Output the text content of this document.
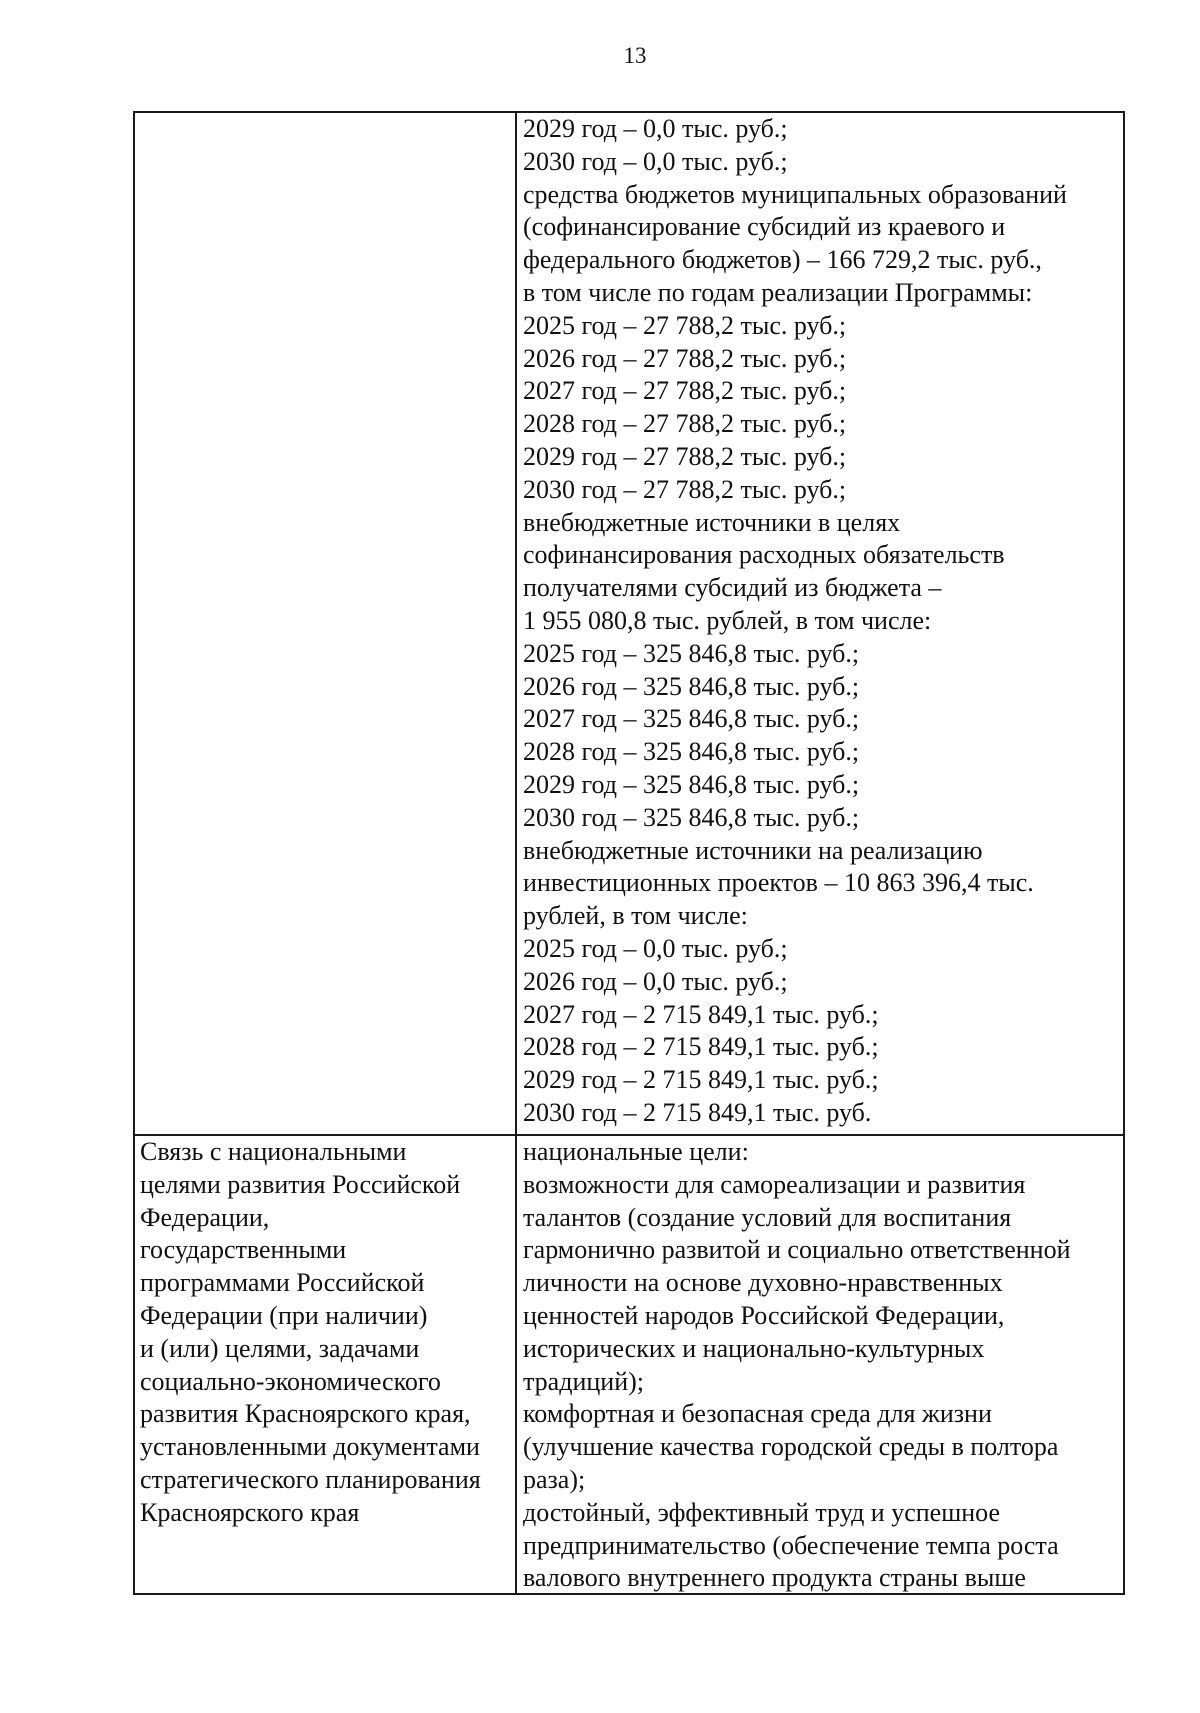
13
2029 год – 0,0 тыс. руб.;
2030 год – 0,0 тыс. руб.;
средства бюджетов муниципальных образований
(софинансирование субсидий из краевого и
федерального бюджетов) – 166 729,2 тыс. руб.,
в том числе по годам реализации Программы:
2025 год – 27 788,2 тыс. руб.;
2026 год – 27 788,2 тыс. руб.;
2027 год – 27 788,2 тыс. руб.;
2028 год – 27 788,2 тыс. руб.;
2029 год – 27 788,2 тыс. руб.;
2030 год – 27 788,2 тыс. руб.;
внебюджетные источники в целях
софинансирования расходных обязательств
получателями субсидий из бюджета –
1 955 080,8 тыс. рублей, в том числе:
2025 год – 325 846,8 тыс. руб.;
2026 год – 325 846,8 тыс. руб.;
2027 год – 325 846,8 тыс. руб.;
2028 год – 325 846,8 тыс. руб.;
2029 год – 325 846,8 тыс. руб.;
2030 год – 325 846,8 тыс. руб.;
внебюджетные источники на реализацию
инвестиционных проектов – 10 863 396,4 тыс.
рублей, в том числе:
2025 год – 0,0 тыс. руб.;
2026 год – 0,0 тыс. руб.;
2027 год – 2 715 849,1 тыс. руб.;
2028 год – 2 715 849,1 тыс. руб.;
2029 год – 2 715 849,1 тыс. руб.;
2030 год – 2 715 849,1 тыс. руб.
Связь с национальными
целями развития Российской
Федерации,
государственными
программами Российской
Федерации (при наличии)
и (или) целями, задачами
социально-экономического
развития Красноярского края,
установленными документами
стратегического планирования
Красноярского края
национальные цели:
возможности для самореализации и развития
талантов (создание условий для воспитания
гармонично развитой и социально ответственной
личности на основе духовно-нравственных
ценностей народов Российской Федерации,
исторических и национально-культурных
традиций);
комфортная и безопасная среда для жизни
(улучшение качества городской среды в полтора
раза);
достойный, эффективный труд и успешное
предпринимательство (обеспечение темпа роста
валового внутреннего продукта страны выше
